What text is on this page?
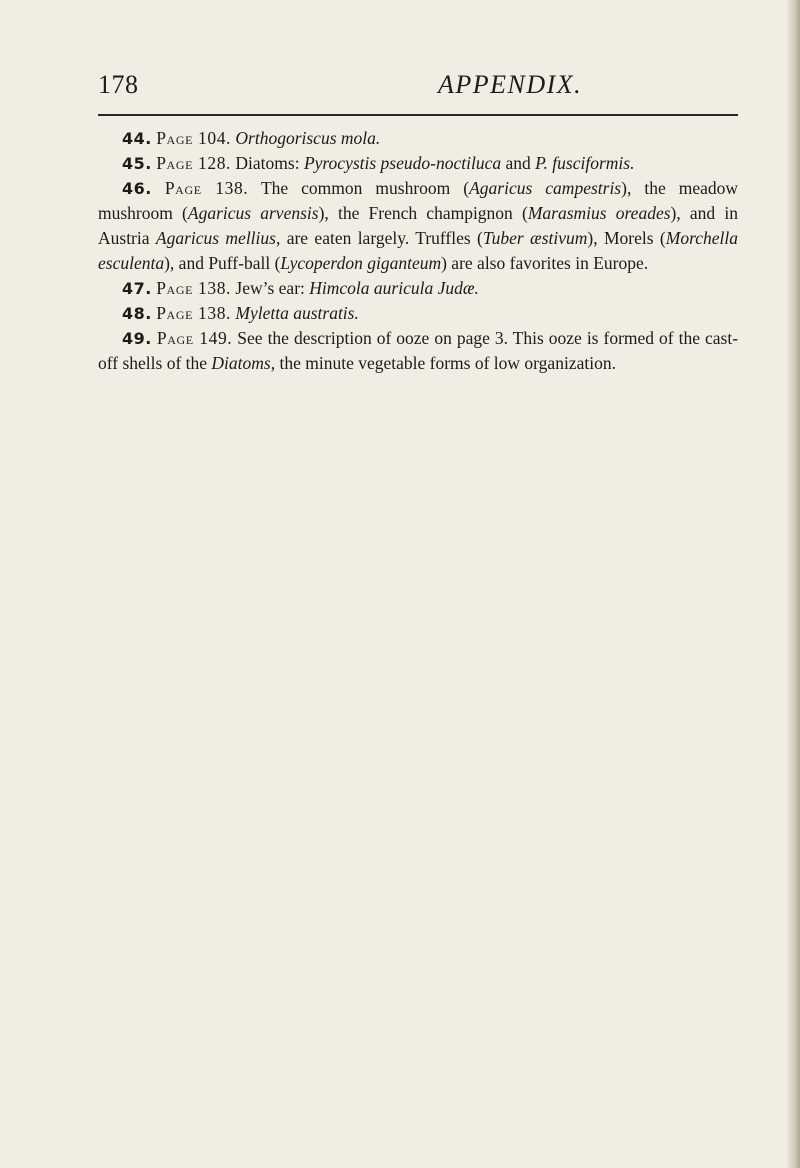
178	APPENDIX.

44. Page 104. Orthogoriscus mola.

45. Page 128. Diatoms: Pyrocystis pseudo-noctiluca and P. fusciformis.

46. Page 138. The common mushroom (Agaricus campestris), the meadow mushroom (Agaricus arvensis), the French champignon (Marasmius oreades), and in Austria Agaricus mellius, are eaten largely. Truffles (Tuber æstivum), Morels (Morchella esculenta), and Puff-ball (Lycoperdon giganteum) are also favorites in Europe.

47. Page 138. Jew’s ear: Himcola auricula Judæ.

48. Page 138. Myletta austratis.

49. Page 149. See the description of ooze on page 3. This ooze is formed of the cast-off shells of the Diatoms, the minute vegetable forms of low organization.
